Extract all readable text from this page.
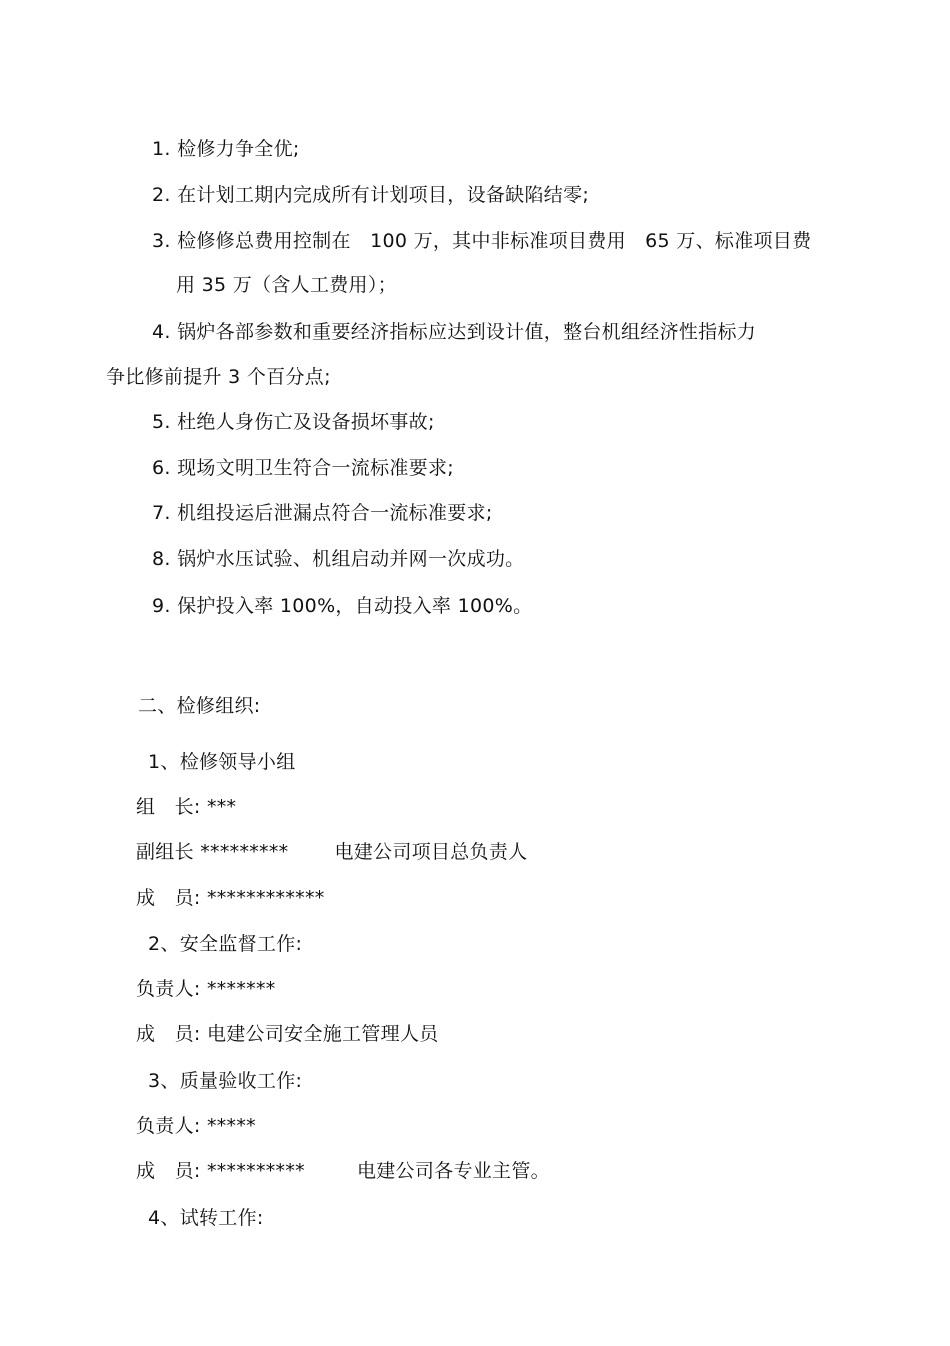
1. 检修力争全优;
2. 在计划工期内完成所有计划项目，设备缺陷结零;
3. 检修修总费用控制在　100 万，其中非标准项目费用　65 万、标准项目费
用 35 万（含人工费用）；
4. 锅炉各部参数和重要经济指标应达到设计值，整台机组经济性指标力
争比修前提升 3 个百分点;
5. 杜绝人身伤亡及设备损坏事故;
6. 现场文明卫生符合一流标准要求;
7. 机组投运后泄漏点符合一流标准要求;
8. 锅炉水压试验、机组启动并网一次成功。
9. 保护投入率 100%，自动投入率 100%。
二、检修组织:
1、检修领导小组
组　长: ***
副组长 ********* 电建公司项目总负责人
成　员: ************
2、安全监督工作:
负责人: *******
成　员: 电建公司安全施工管理人员
3、质量验收工作:
负责人: *****
成　员: **********	电建公司各专业主管。
4、试转工作:
